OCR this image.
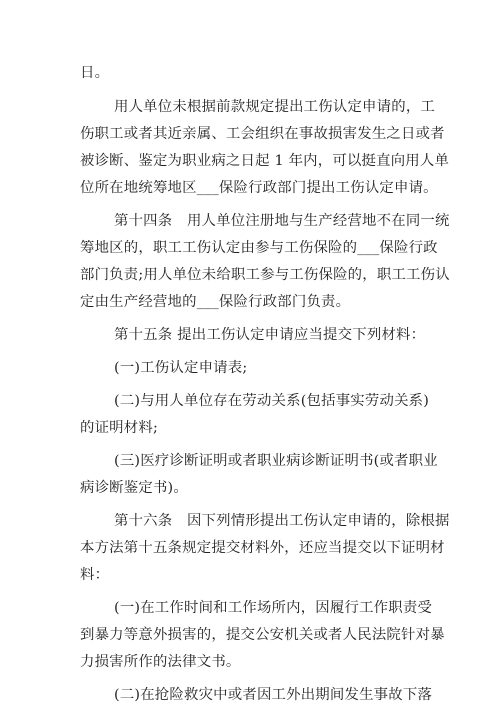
日。
用人单位未根据前款规定提出工伤认定申请的，工
伤职工或者其近亲属、工会组织在事故损害发生之日或者
被诊断、鉴定为职业病之日起 1 年内，可以挺直向用人单
位所在地统筹地区___保险行政部门提出工伤认定申请。
第十四条　用人单位注册地与生产经营地不在同一统
筹地区的，职工工伤认定由参与工伤保险的___保险行政
部门负责;用人单位未给职工参与工伤保险的，职工工伤认
定由生产经营地的___保险行政部门负责。
第十五条 提出工伤认定申请应当提交下列材料：
(一)工伤认定申请表;
(二)与用人单位存在劳动关系(包括事实劳动关系)
的证明材料;
(三)医疗诊断证明或者职业病诊断证明书(或者职业
病诊断鉴定书)。
第十六条　因下列情形提出工伤认定申请的，除根据
本方法第十五条规定提交材料外，还应当提交以下证明材
料：
(一)在工作时间和工作场所内，因履行工作职责受
到暴力等意外损害的，提交公安机关或者人民法院针对暴
力损害所作的法律文书。
(二)在抢险救灾中或者因工外出期间发生事故下落
